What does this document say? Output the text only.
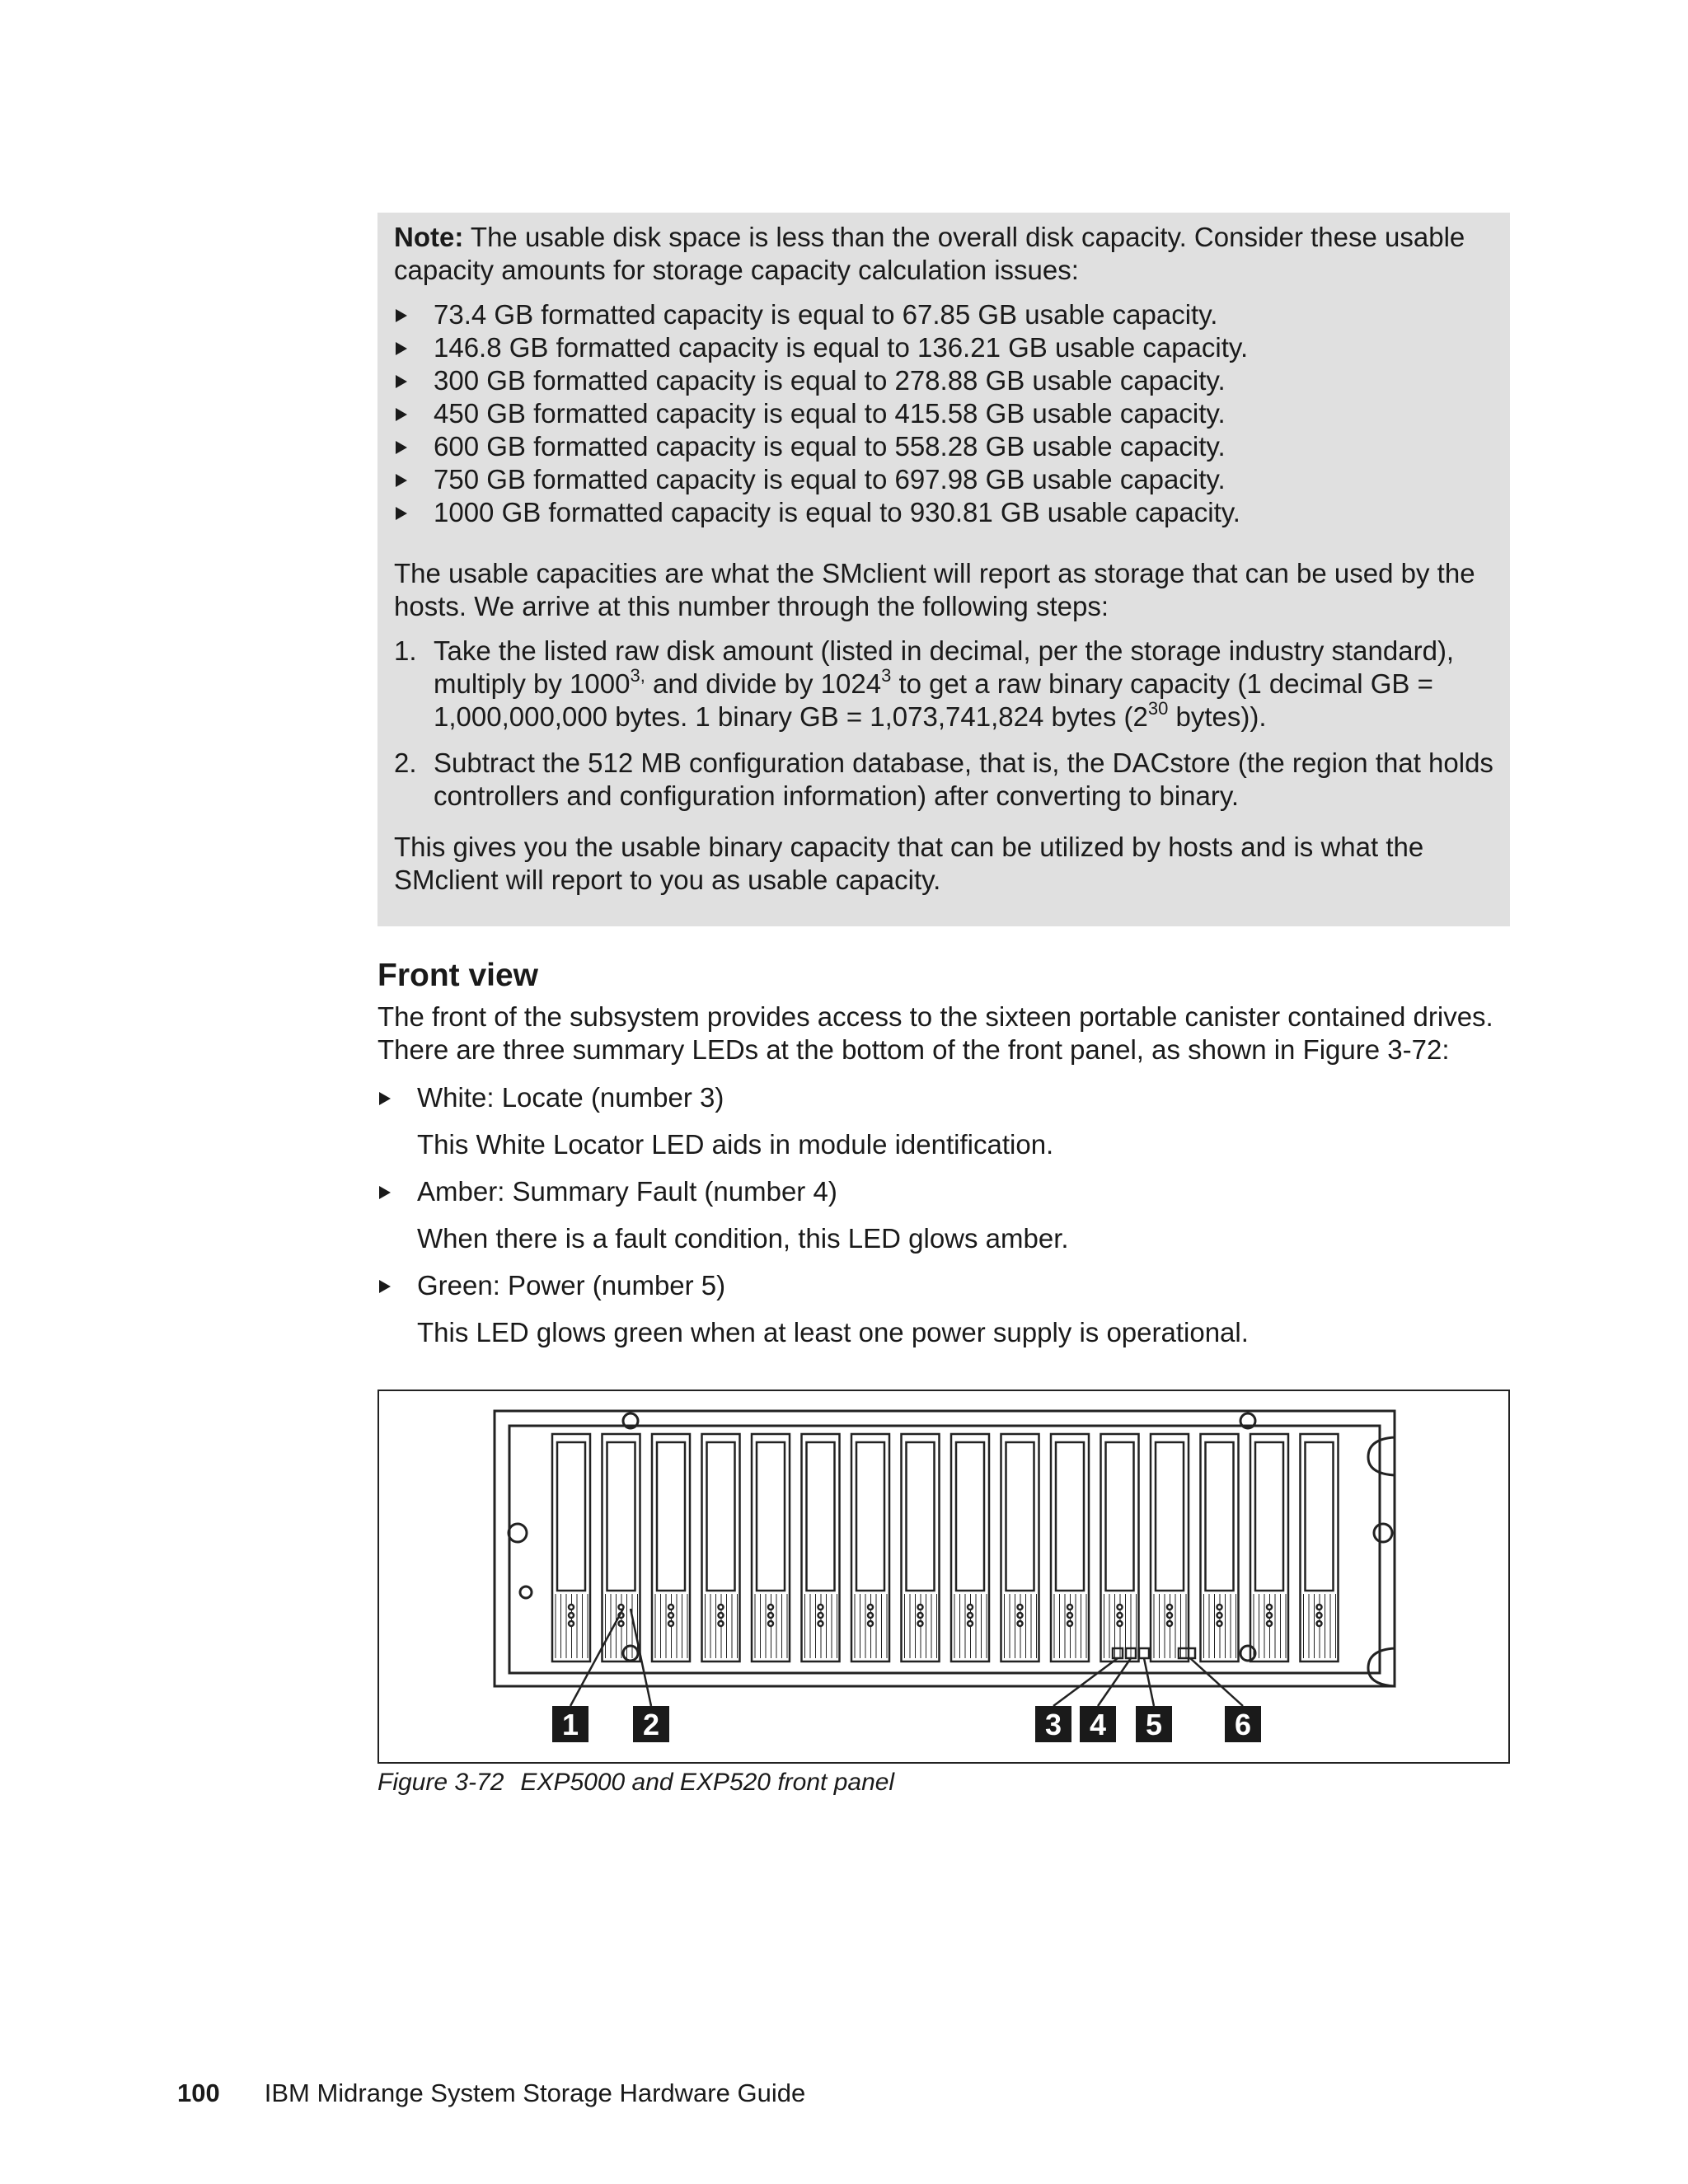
Note: The usable disk space is less than the overall disk capacity. Consider these usable capacity amounts for storage capacity calculation issues:

73.4 GB formatted capacity is equal to 67.85 GB usable capacity.
146.8 GB formatted capacity is equal to 136.21 GB usable capacity.
300 GB formatted capacity is equal to 278.88 GB usable capacity.
450 GB formatted capacity is equal to 415.58 GB usable capacity.
600 GB formatted capacity is equal to 558.28 GB usable capacity.
750 GB formatted capacity is equal to 697.98 GB usable capacity.
1000 GB formatted capacity is equal to 930.81 GB usable capacity.

The usable capacities are what the SMclient will report as storage that can be used by the hosts. We arrive at this number through the following steps:

1. Take the listed raw disk amount (listed in decimal, per the storage industry standard), multiply by $1000^{3,}$ and divide by 1024$^3$ to get a raw binary capacity (1 decimal GB = 1,000,000,000 bytes. 1 binary GB = 1,073,741,824 bytes ($2^{30}$ bytes)).
2. Subtract the 512 MB configuration database, that is, the DACstore (the region that holds controllers and configuration information) after converting to binary.

This gives you the usable binary capacity that can be utilized by hosts and is what the SMclient will report to you as usable capacity.

Front view

The front of the subsystem provides access to the sixteen portable canister contained drives. There are three summary LEDs at the bottom of the front panel, as shown in Figure 3-72:

White: Locate (number 3)
This White Locator LED aids in module identification.
Amber: Summary Fault (number 4)
When there is a fault condition, this LED glows amber.
Green: Power (number 5)
This LED glows green when at least one power supply is operational.
1 2	3 4 5 6
Figure 3-72 EXP5000 and EXP520 front panel
100 IBM Midrange System Storage Hardware Guide
